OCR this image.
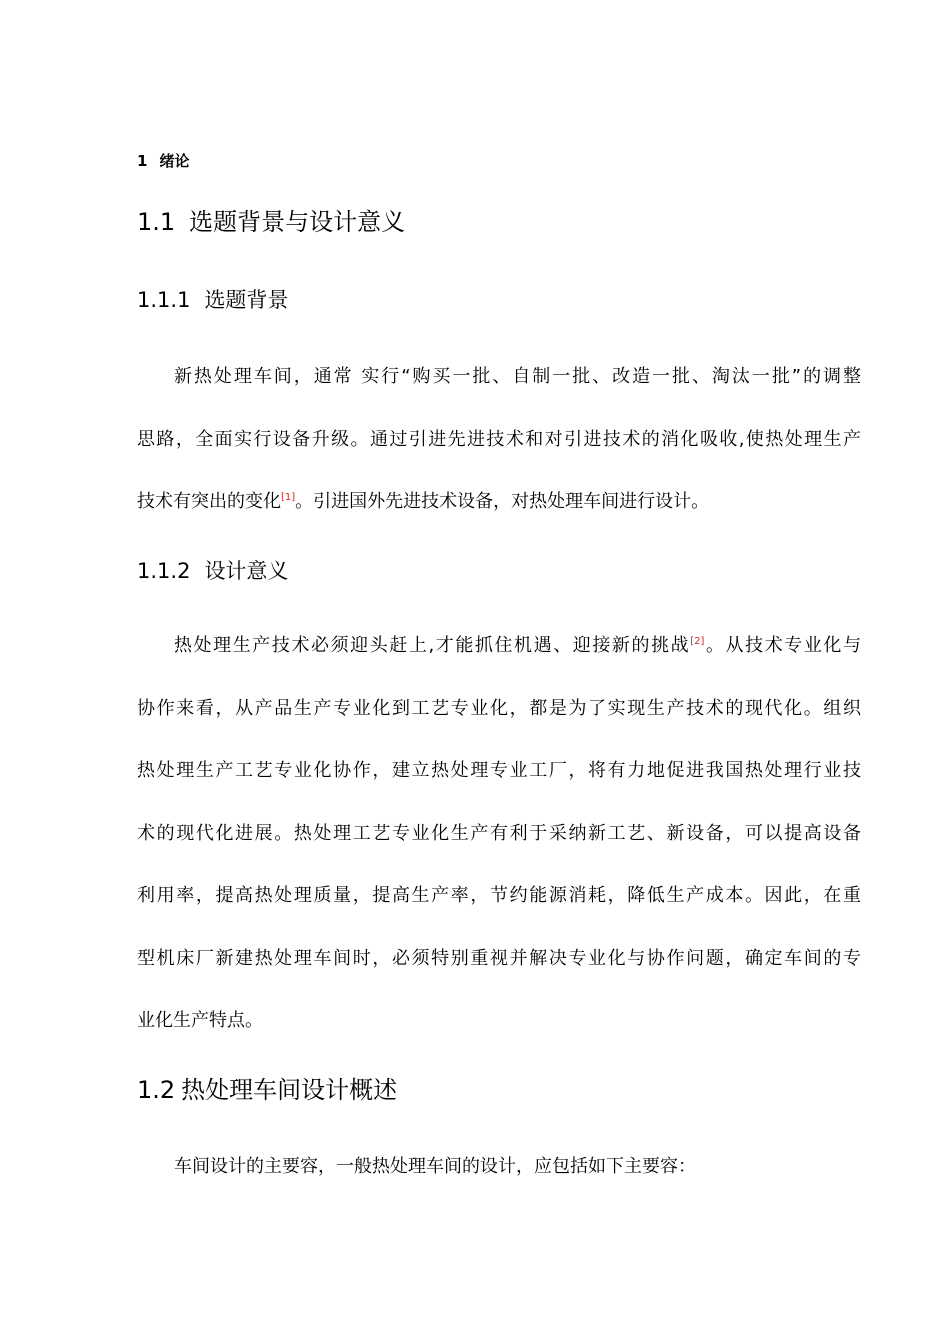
1 绪论
1.1 选题背景与设计意义
1.1.1 选题背景
新热处理车间，通常 实行“购买一批、自制一批、改造一批、淘汰一批”的调整
思路，全面实行设备升级。通过引进先进技术和对引进技术的消化吸收,使热处理生产
技术有突出的变化[1]。引进国外先进技术设备，对热处理车间进行设计。
1.1.2 设计意义
热处理生产技术必须迎头赶上,才能抓住机遇、迎接新的挑战[2]。从技术专业化与
协作来看，从产品生产专业化到工艺专业化，都是为了实现生产技术的现代化。组织
热处理生产工艺专业化协作，建立热处理专业工厂，将有力地促进我国热处理行业技
术的现代化进展。热处理工艺专业化生产有利于采纳新工艺、新设备，可以提高设备
利用率，提高热处理质量，提高生产率，节约能源消耗，降低生产成本。因此，在重
型机床厂新建热处理车间时，必须特别重视并解决专业化与协作问题，确定车间的专
业化生产特点。
1.2 热处理车间设计概述
车间设计的主要容，一般热处理车间的设计，应包括如下主要容：
